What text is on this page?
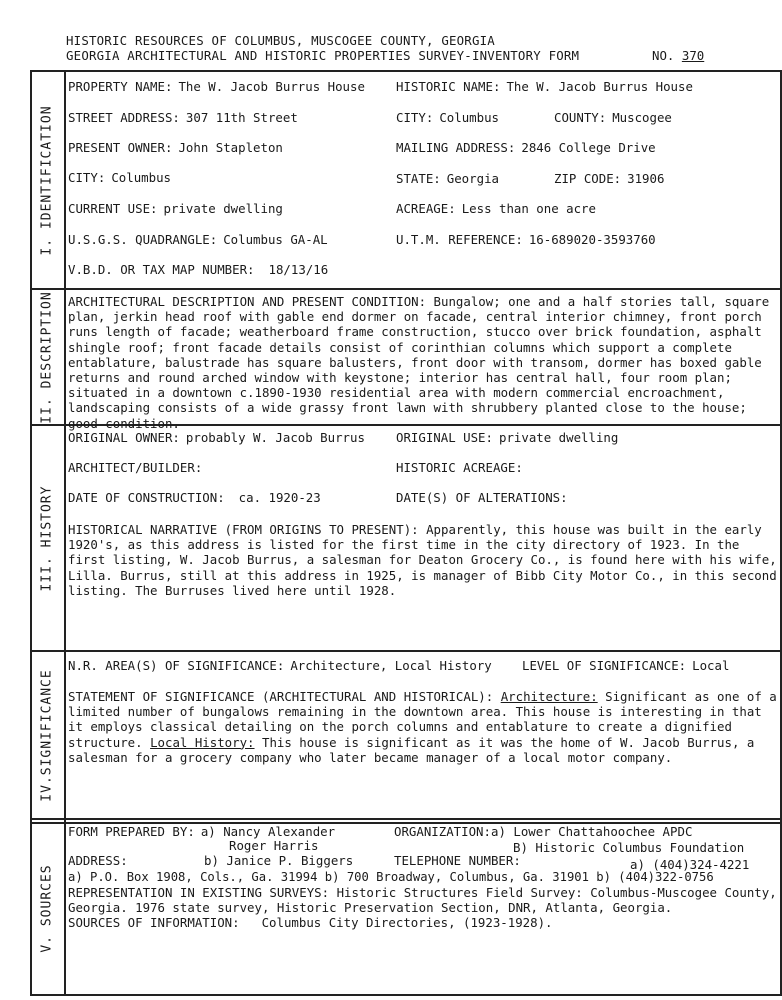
HISTORIC RESOURCES OF COLUMBUS, MUSCOGEE COUNTY, GEORGIA
GEORGIA ARCHITECTURAL AND HISTORIC PROPERTIES SURVEY-INVENTORY FORM	NO. 370
I. IDENTIFICATION
PROPERTY NAME: The W. Jacob Burrus House	HISTORIC NAME: The W. Jacob Burrus House
STREET ADDRESS: 307 11th Street	CITY: Columbus	COUNTY: Muscogee
PRESENT OWNER: John Stapleton	MAILING ADDRESS: 2846 College Drive
CITY: Columbus	STATE: Georgia	ZIP CODE: 31906
CURRENT USE: private dwelling	ACREAGE: Less than one acre
U.S.G.S. QUADRANGLE: Columbus GA-AL	U.T.M. REFERENCE: 16-689020-3593760
V.B.D. OR TAX MAP NUMBER: 18/13/16
II. DESCRIPTION ARCHITECTURAL DESCRIPTION AND PRESENT CONDITION: Bungalow; one and a half stories tall, square plan, jerkin head roof with gable end dormer on facade, central interior chimney, front porch runs length of facade; weatherboard frame construction, stucco over brick foundation, asphalt shingle roof; front facade details consist of corinthian columns which support a complete entablature, balustrade has square balusters, front door with transom, dormer has boxed gable returns and round arched window with keystone; interior has central hall, four room plan; situated in a downtown c.1890-1930 residential area with modern commercial encroachment, landscaping consists of a wide grassy front lawn with shrubbery planted close to the house; good condition.
III. HISTORY
ORIGINAL OWNER: probably W. Jacob Burrus	ORIGINAL USE: private dwelling
ARCHITECT/BUILDER:	HISTORIC ACREAGE:
DATE OF CONSTRUCTION: ca. 1920-23	DATE(S) OF ALTERATIONS:
HISTORICAL NARRATIVE (FROM ORIGINS TO PRESENT): Apparently, this house was built in the early 1920's, as this address is listed for the first time in the city directory of 1923. In the first listing, W. Jacob Burrus, a salesman for Deaton Grocery Co., is found here with his wife, Lilla. Burrus, still at this address in 1925, is manager of Bibb City Motor Co., in this second listing. The Burruses lived here until 1928.
IV.SIGNIFICANCE
N.R. AREA(S) OF SIGNIFICANCE: Architecture, Local History LEVEL OF SIGNIFICANCE: Local
STATEMENT OF SIGNIFICANCE (ARCHITECTURAL AND HISTORICAL): Architecture: Significant as one of a limited number of bungalows remaining in the downtown area. This house is interesting in that it employs classical detailing on the porch columns and entablature to create a dignified structure. Local History: This house is significant as it was the home of W. Jacob Burrus, a salesman for a grocery company who later became manager of a local motor company.
V. SOURCES
FORM PREPARED BY: a) Nancy Alexander	ORGANIZATION:a) Lower Chattahoochee APDC
Roger Harris	B) Historic Columbus Foundation
ADDRESS:	b) Janice P. Biggers	TELEPHONE NUMBER:	a) (404)324-4221
a) P.O. Box 1908, Cols., Ga. 31994 b) 700 Broadway, Columbus, Ga. 31901 b) (404)322-0756
REPRESENTATION IN EXISTING SURVEYS: Historic Structures Field Survey: Columbus-Muscogee County, Georgia. 1976 state survey, Historic Preservation Section, DNR, Atlanta, Georgia.
SOURCES OF INFORMATION: Columbus City Directories, (1923-1928).
